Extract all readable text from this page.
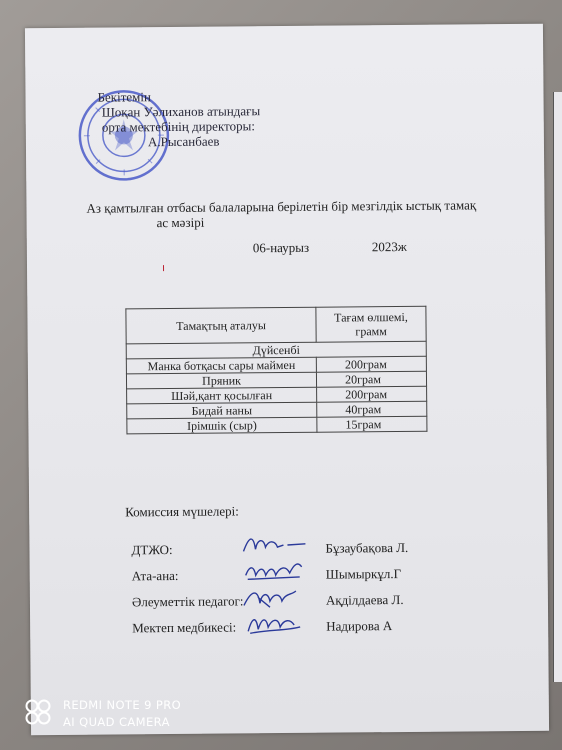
Бекітемін
Шоқан Уәлиханов атындағы
орта мектебінің директоры:
А.Рысанбаев
Аз қамтылған отбасы балаларына берілетін бір мезгілдік ыстық тамақ
ас мәзірі
06-наурыз	2023ж
Тамақтың аталуы	Тағам өлшемі,
грамм

Дүйсенбі	
Манка ботқасы сары маймен	200грам
Пряник	20грам
Шәй,қант қосылған	200грам
Бидай наны	40грам
Ірімшік (сыр)	15грам
Комиссия мүшелері:
ДТЖО:	Бұзаубақова Л.
Ата-ана:	Шымыркұл.Г
Әлеуметтік педагог:	Ақділдаева Л.
Мектеп медбикесі:	Надирова А
REDMI NOTE 9 PRO
AI QUAD CAMERA
